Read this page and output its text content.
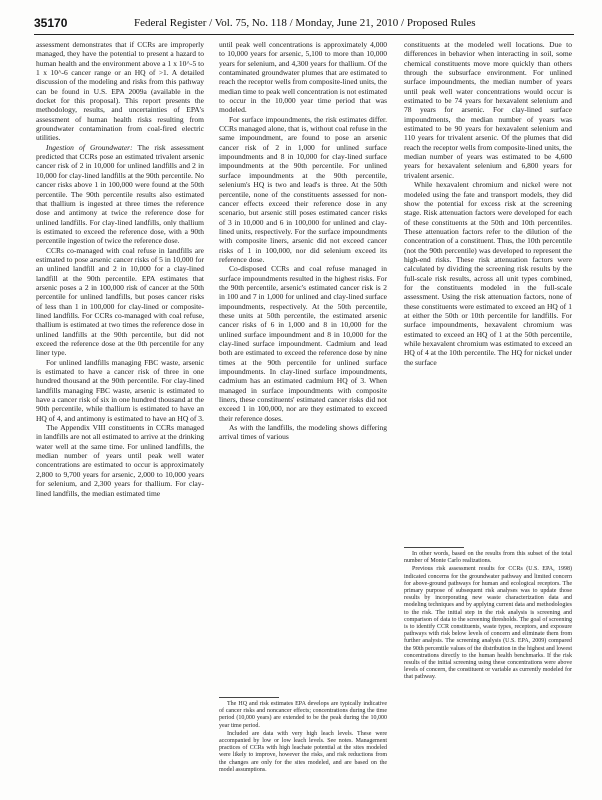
35170	Federal Register / Vol. 75, No. 118 / Monday, June 21, 2010 / Proposed Rules

assessment demonstrates that if CCRs are improperly managed, they have the potential to present a hazard to human health and the environment above a 1 x 10^-5 to 1 x 10^-6 cancer range or an HQ of >1. A detailed discussion of the modeling and risks from this pathway can be found in U.S. EPA 2009a (available in the docket for this proposal). This report presents the methodology, results, and uncertainties of EPA's assessment of human health risks resulting from groundwater contamination from coal-fired electric utilities.

Ingestion of Groundwater: The risk assessment predicted that CCRs pose an estimated trivalent arsenic cancer risk of 2 in 10,000 for unlined landfills and 2 in 10,000 for clay-lined landfills at the 90th percentile. No cancer risks above 1 in 100,000 were found at the 50th percentile. The 90th percentile results also estimated that thallium is ingested at three times the reference dose and antimony at twice the reference dose for unlined landfills. For clay-lined landfills, only thallium is estimated to exceed the reference dose, with a 90th percentile ingestion of twice the reference dose.

CCRs co-managed with coal refuse in landfills are estimated to pose arsenic cancer risks of 5 in 10,000 for an unlined landfill and 2 in 10,000 for a clay-lined landfill at the 90th percentile. EPA estimates that arsenic poses a 2 in 100,000 risk of cancer at the 50th percentile for unlined landfills, but poses cancer risks of less than 1 in 100,000 for clay-lined or composite-lined landfills. For CCRs co-managed with coal refuse, thallium is estimated at two times the reference dose in unlined landfills at the 90th percentile, but did not exceed the reference dose at the 0th percentile for any liner type.

For unlined landfills managing FBC waste, arsenic is estimated to have a cancer risk of three in one hundred thousand at the 90th percentile. For clay-lined landfills managing FBC waste, arsenic is estimated to have a cancer risk of six in one hundred thousand at the 90th percentile, while thallium is estimated to have an HQ of 4, and antimony is estimated to have an HQ of 3.

The Appendix VIII constituents in CCRs managed in landfills are not all estimated to arrive at the drinking water well at the same time. For unlined landfills, the median number of years until peak well water concentrations are estimated to occur is approximately 2,800 to 9,700 years for arsenic, 2,000 to 10,000 years for selenium, and 2,300 years for thallium. For clay-lined landfills, the median estimated time

until peak well concentrations is approximately 4,000 to 10,000 years for arsenic, 5,100 to more than 10,000 years for selenium, and 4,300 years for thallium. Of the contaminated groundwater plumes that are estimated to reach the receptor wells from composite-lined units, the median time to peak well concentration is not estimated to occur in the 10,000 year time period that was modeled.

For surface impoundments, the risk estimates differ. CCRs managed alone, that is, without coal refuse in the same impoundment, are found to pose an arsenic cancer risk of 2 in 1,000 for unlined surface impoundments and 8 in 10,000 for clay-lined surface impoundments at the 90th percentile. For unlined surface impoundments at the 90th percentile, selenium's HQ is two and lead's is three. At the 50th percentile, none of the constituents assessed for non-cancer effects exceed their reference dose in any scenario, but arsenic still poses estimated cancer risks of 3 in 10,000 and 6 in 100,000 for unlined and clay-lined units, respectively. For the surface impoundments with composite liners, arsenic did not exceed cancer risks of 1 in 100,000, nor did selenium exceed its reference dose.

Co-disposed CCRs and coal refuse managed in surface impoundments resulted in the highest risks. For the 90th percentile, arsenic's estimated cancer risk is 2 in 100 and 7 in 1,000 for unlined and clay-lined surface impoundments, respectively. At the 50th percentile, these units at 50th percentile, the estimated arsenic cancer risks of 6 in 1,000 and 8 in 10,000 for the unlined surface impoundment and 8 in 10,000 for the clay-lined surface impoundment. Cadmium and lead both are estimated to exceed the reference dose by nine times at the 90th percentile for unlined surface impoundments. In clay-lined surface impoundments, cadmium has an estimated cadmium HQ of 3. When managed in surface impoundments with composite liners, these constituents' estimated cancer risks did not exceed 1 in 100,000, nor are they estimated to exceed their reference doses.

As with the landfills, the modeling shows differing arrival times of various

constituents at the modeled well locations. Due to differences in behavior when interacting in soil, some chemical constituents move more quickly than others through the subsurface environment. For unlined surface impoundments, the median number of years until peak well water concentrations would occur is estimated to be 74 years for hexavalent selenium and 78 years for arsenic. For clay-lined surface impoundments, the median number of years was estimated to be 90 years for hexavalent selenium and 110 years for trivalent arsenic. Of the plumes that did reach the receptor wells from composite-lined units, the median number of years was estimated to be 4,600 years for hexavalent selenium and 6,800 years for trivalent arsenic.

While hexavalent chromium and nickel were not modeled using the fate and transport models, they did show the potential for excess risk at the screening stage. Risk attenuation factors were developed for each of these constituents at the 50th and 10th percentiles. These attenuation factors refer to the dilution of the concentration of a constituent. Thus, the 10th percentile (not the 90th percentile) was developed to represent the high-end risks. These risk attenuation factors were calculated by dividing the screening risk results by the full-scale risk results, across all unit types combined, for the constituents modeled in the full-scale assessment. Using the risk attenuation factors, none of these constituents were estimated to exceed an HQ of 1 at either the 50th or 10th percentile for landfills. For surface impoundments, hexavalent chromium was estimated to exceed an HQ of 1 at the 50th percentile, while hexavalent chromium was estimated to exceed an HQ of 4 at the 10th percentile. The HQ for nickel under the surface

The HQ and risk estimates EPA develops are typically indicative of cancer risks and noncancer effects; concentrations during the time period (10,000 years) are extended to be the peak during the 10,000 year time period.

Included are data with very high leach levels. These were accompanied by low or low leach levels. See notes. Management practices of CCRs with high leachate potential at the sites modeled were likely to improve, however the risks, and risk reductions from the changes are only for the sites modeled, and are based on the model assumptions.

In other words, based on the results from this subset of the total number of Monte Carlo realizations.

Previous risk assessment results for CCRs (U.S. EPA, 1998) indicated concerns for the groundwater pathway and limited concern for above-ground pathways for human and ecological receptors. The primary purpose of subsequent risk analyses was to update those results by incorporating new waste characterization data and modeling techniques and by applying current data and methodologies to the risk. The initial step in the risk analysis is screening and comparison of data to the screening thresholds. The goal of screening is to identify CCR constituents, waste types, receptors, and exposure pathways with risk below levels of concern and eliminate them from further analysis. The screening analysis (U.S. EPA, 2009) compared the 90th percentile values of the distribution in the highest and lowest concentrations directly to the human health benchmarks. If the risk results of the initial screening using these concentrations were above levels of concern, the constituent or variable as currently modeled for that pathway.
